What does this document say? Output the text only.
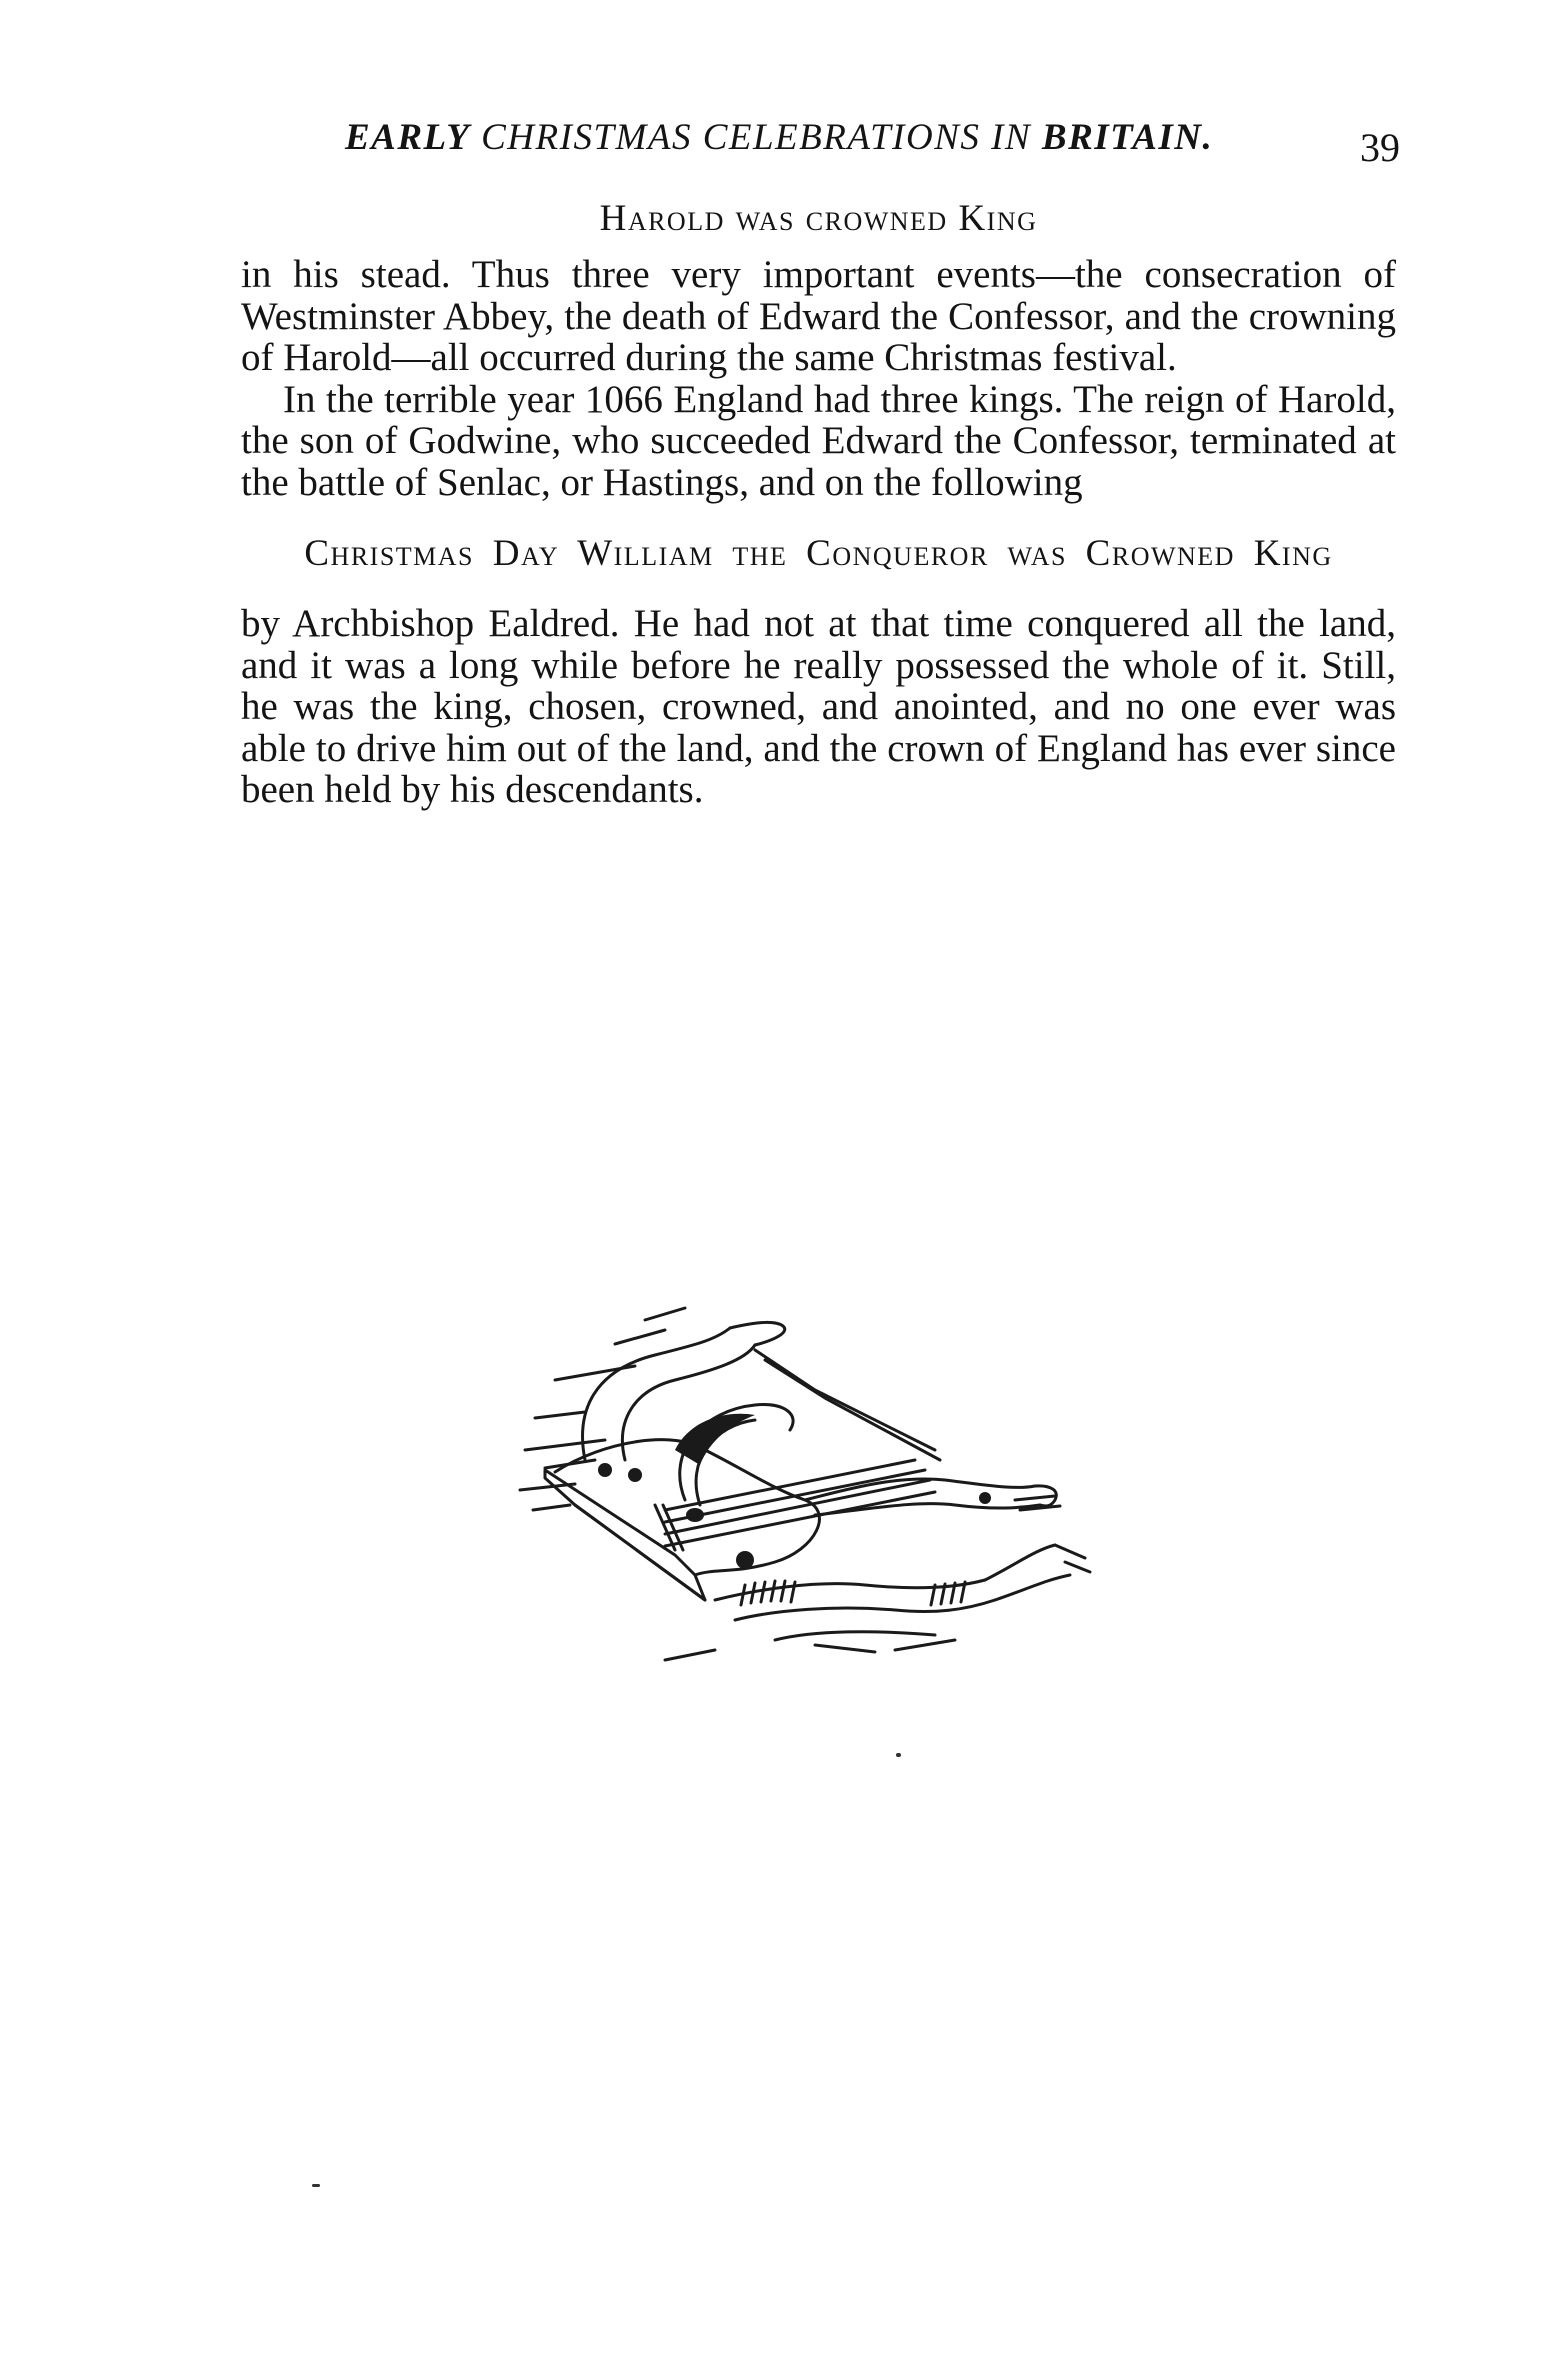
EARLY CHRISTMAS CELEBRATIONS IN BRITAIN.	39
Harold was crowned King

in his stead. Thus three very important events—the consecration of Westminster Abbey, the death of Edward the Confessor, and the crowning of Harold—all occurred during the same Christmas festival.

In the terrible year 1066 England had three kings. The reign of Harold, the son of Godwine, who succeeded Edward the Confessor, terminated at the battle of Senlac, or Hastings, and on the following

Christmas Day William the Conqueror was Crowned King

by Archbishop Ealdred. He had not at that time conquered all the land, and it was a long while before he really possessed the whole of it. Still, he was the king, chosen, crowned, and anointed, and no one ever was able to drive him out of the land, and the crown of England has ever since been held by his descendants.
